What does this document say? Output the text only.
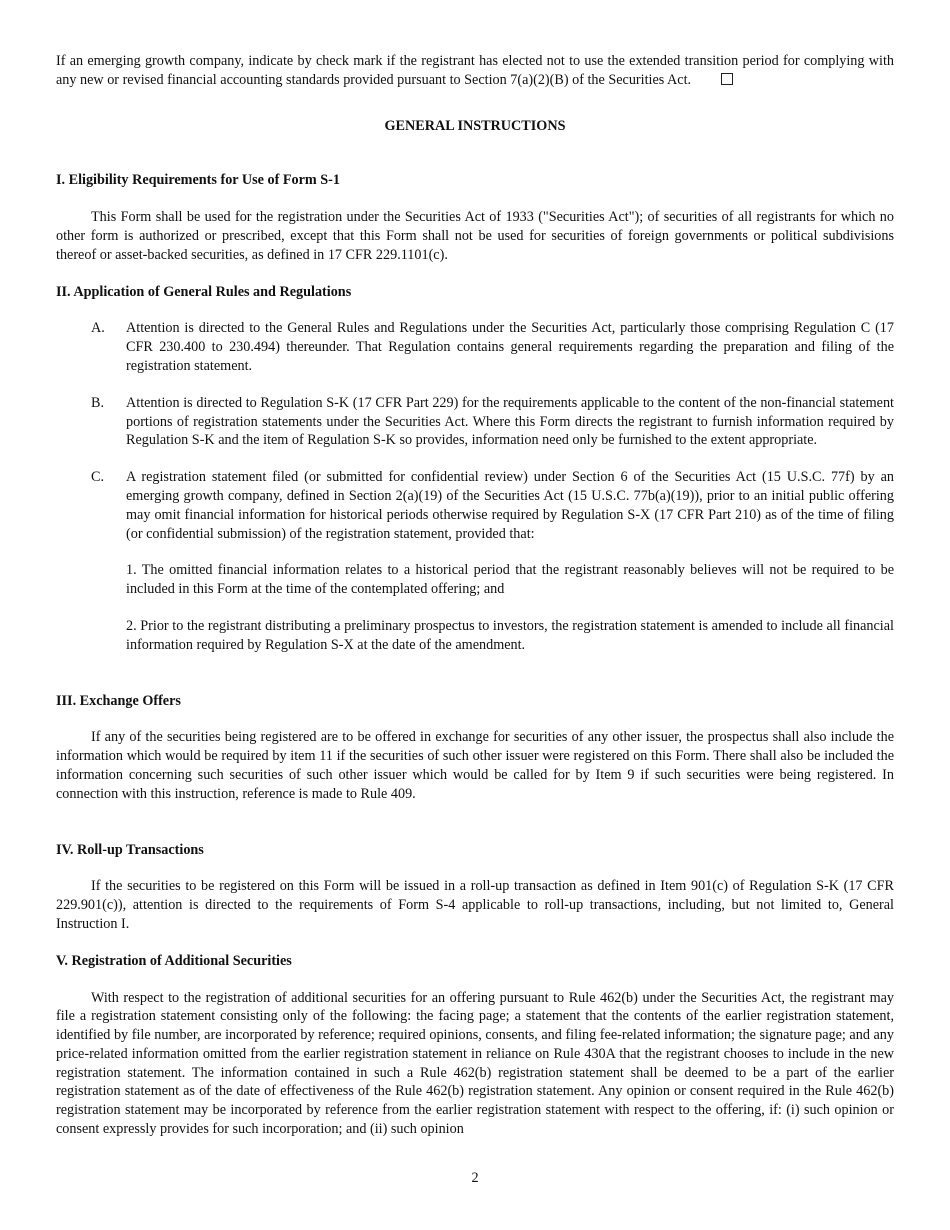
If an emerging growth company, indicate by check mark if the registrant has elected not to use the extended transition period for complying with any new or revised financial accounting standards provided pursuant to Section 7(a)(2)(B) of the Securities Act.

GENERAL INSTRUCTIONS
I. Eligibility Requirements for Use of Form S-1

This Form shall be used for the registration under the Securities Act of 1933 ("Securities Act"); of securities of all registrants for which no other form is authorized or prescribed, except that this Form shall not be used for securities of foreign governments or political subdivisions thereof or asset-backed securities, as defined in 17 CFR 229.1101(c).

II. Application of General Rules and Regulations
A.	Attention is directed to the General Rules and Regulations under the Securities Act, particularly those comprising Regulation C (17 CFR 230.400 to 230.494) thereunder. That Regulation contains general requirements regarding the preparation and filing of the registration statement.
B.	Attention is directed to Regulation S-K (17 CFR Part 229) for the requirements applicable to the content of the non-financial statement portions of registration statements under the Securities Act. Where this Form directs the registrant to furnish information required by Regulation S-K and the item of Regulation S-K so provides, information need only be furnished to the extent appropriate.
C.	A registration statement filed (or submitted for confidential review) under Section 6 of the Securities Act (15 U.S.C. 77f) by an emerging growth company, defined in Section 2(a)(19) of the Securities Act (15 U.S.C. 77b(a)(19)), prior to an initial public offering may omit financial information for historical periods otherwise required by Regulation S-X (17 CFR Part 210) as of the time of filing (or confidential submission) of the registration statement, provided that:

1. The omitted financial information relates to a historical period that the registrant reasonably believes will not be required to be included in this Form at the time of the contemplated offering; and

2. Prior to the registrant distributing a preliminary prospectus to investors, the registration statement is amended to include all financial information required by Regulation S-X at the date of the amendment.

III. Exchange Offers

If any of the securities being registered are to be offered in exchange for securities of any other issuer, the prospectus shall also include the information which would be required by item 11 if the securities of such other issuer were registered on this Form. There shall also be included the information concerning such securities of such other issuer which would be called for by Item 9 if such securities were being registered. In connection with this instruction, reference is made to Rule 409.

IV. Roll-up Transactions

If the securities to be registered on this Form will be issued in a roll-up transaction as defined in Item 901(c) of Regulation S-K (17 CFR 229.901(c)), attention is directed to the requirements of Form S-4 applicable to roll-up transactions, including, but not limited to, General Instruction I.

V. Registration of Additional Securities

With respect to the registration of additional securities for an offering pursuant to Rule 462(b) under the Securities Act, the registrant may file a registration statement consisting only of the following: the facing page; a statement that the contents of the earlier registration statement, identified by file number, are incorporated by reference; required opinions, consents, and filing fee-related information; the signature page; and any price-related information omitted from the earlier registration statement in reliance on Rule 430A that the registrant chooses to include in the new registration statement. The information contained in such a Rule 462(b) registration statement shall be deemed to be a part of the earlier registration statement as of the date of effectiveness of the Rule 462(b) registration statement. Any opinion or consent required in the Rule 462(b) registration statement may be incorporated by reference from the earlier registration statement with respect to the offering, if: (i) such opinion or consent expressly provides for such incorporation; and (ii) such opinion

2
